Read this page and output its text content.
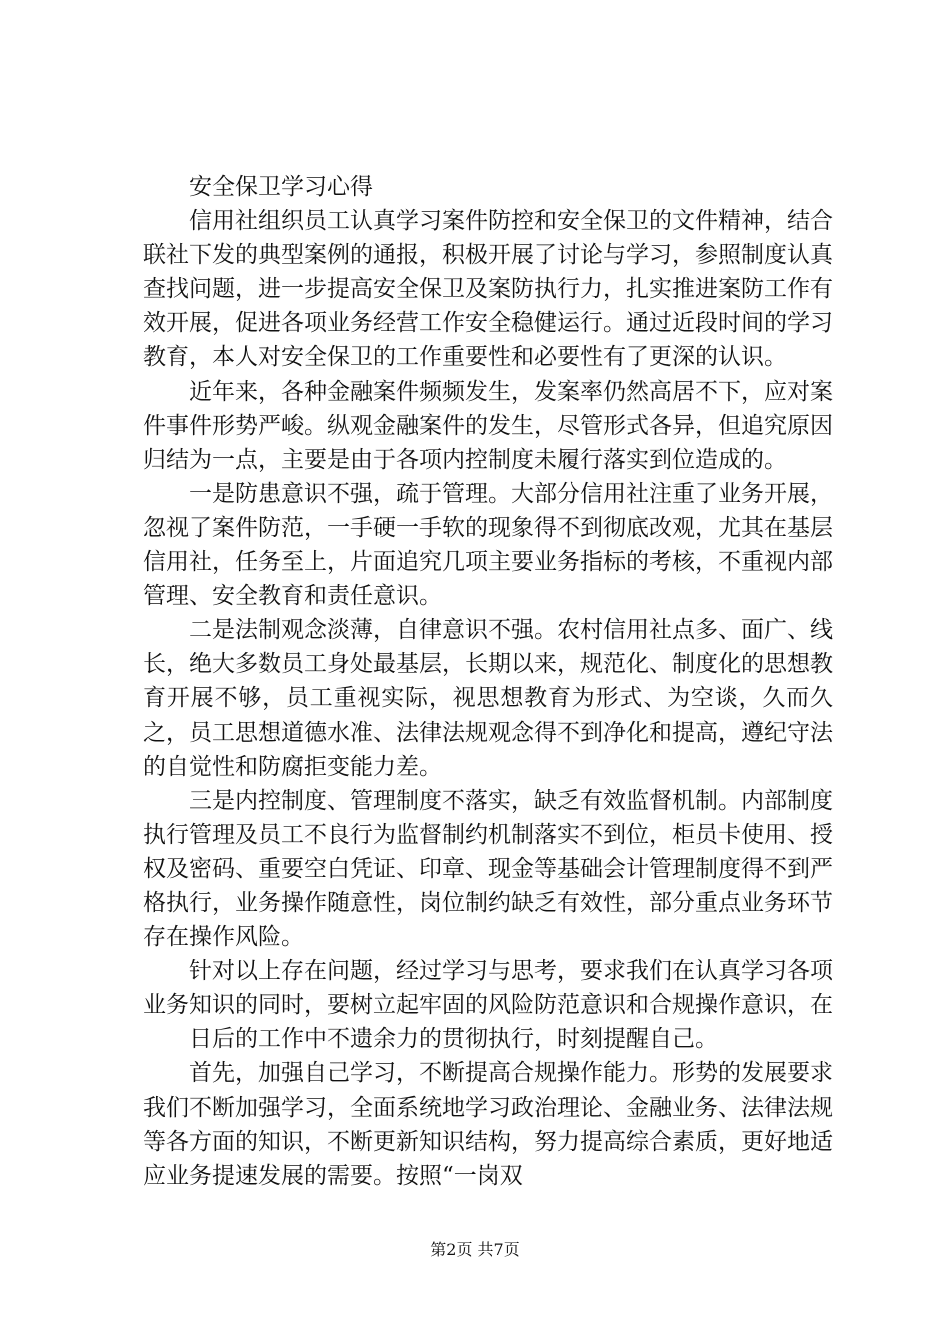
安全保卫学习心得

信用社组织员工认真学习案件防控和安全保卫的文件精神，结合联社下发的典型案例的通报，积极开展了讨论与学习，参照制度认真查找问题，进一步提高安全保卫及案防执行力，扎实推进案防工作有效开展，促进各项业务经营工作安全稳健运行。通过近段时间的学习教育，本人对安全保卫的工作重要性和必要性有了更深的认识。

近年来，各种金融案件频频发生，发案率仍然高居不下，应对案件事件形势严峻。纵观金融案件的发生，尽管形式各异，但追究原因归结为一点，主要是由于各项内控制度未履行落实到位造成的。

一是防患意识不强，疏于管理。大部分信用社注重了业务开展，忽视了案件防范，一手硬一手软的现象得不到彻底改观，尤其在基层信用社，任务至上，片面追究几项主要业务指标的考核，不重视内部管理、安全教育和责任意识。

二是法制观念淡薄，自律意识不强。农村信用社点多、面广、线长，绝大多数员工身处最基层，长期以来，规范化、制度化的思想教育开展不够，员工重视实际，视思想教育为形式、为空谈，久而久之，员工思想道德水准、法律法规观念得不到净化和提高，遵纪守法的自觉性和防腐拒变能力差。

三是内控制度、管理制度不落实，缺乏有效监督机制。内部制度执行管理及员工不良行为监督制约机制落实不到位，柜员卡使用、授权及密码、重要空白凭证、印章、现金等基础会计管理制度得不到严格执行，业务操作随意性，岗位制约缺乏有效性，部分重点业务环节存在操作风险。

针对以上存在问题，经过学习与思考，要求我们在认真学习各项业务知识的同时，要树立起牢固的风险防范意识和合规操作意识，在

日后的工作中不遗余力的贯彻执行，时刻提醒自己。

首先，加强自己学习，不断提高合规操作能力。形势的发展要求我们不断加强学习，全面系统地学习政治理论、金融业务、法律法规等各方面的知识，不断更新知识结构，努力提高综合素质，更好地适应业务提速发展的需要。按照“一岗双

第2页 共7页
